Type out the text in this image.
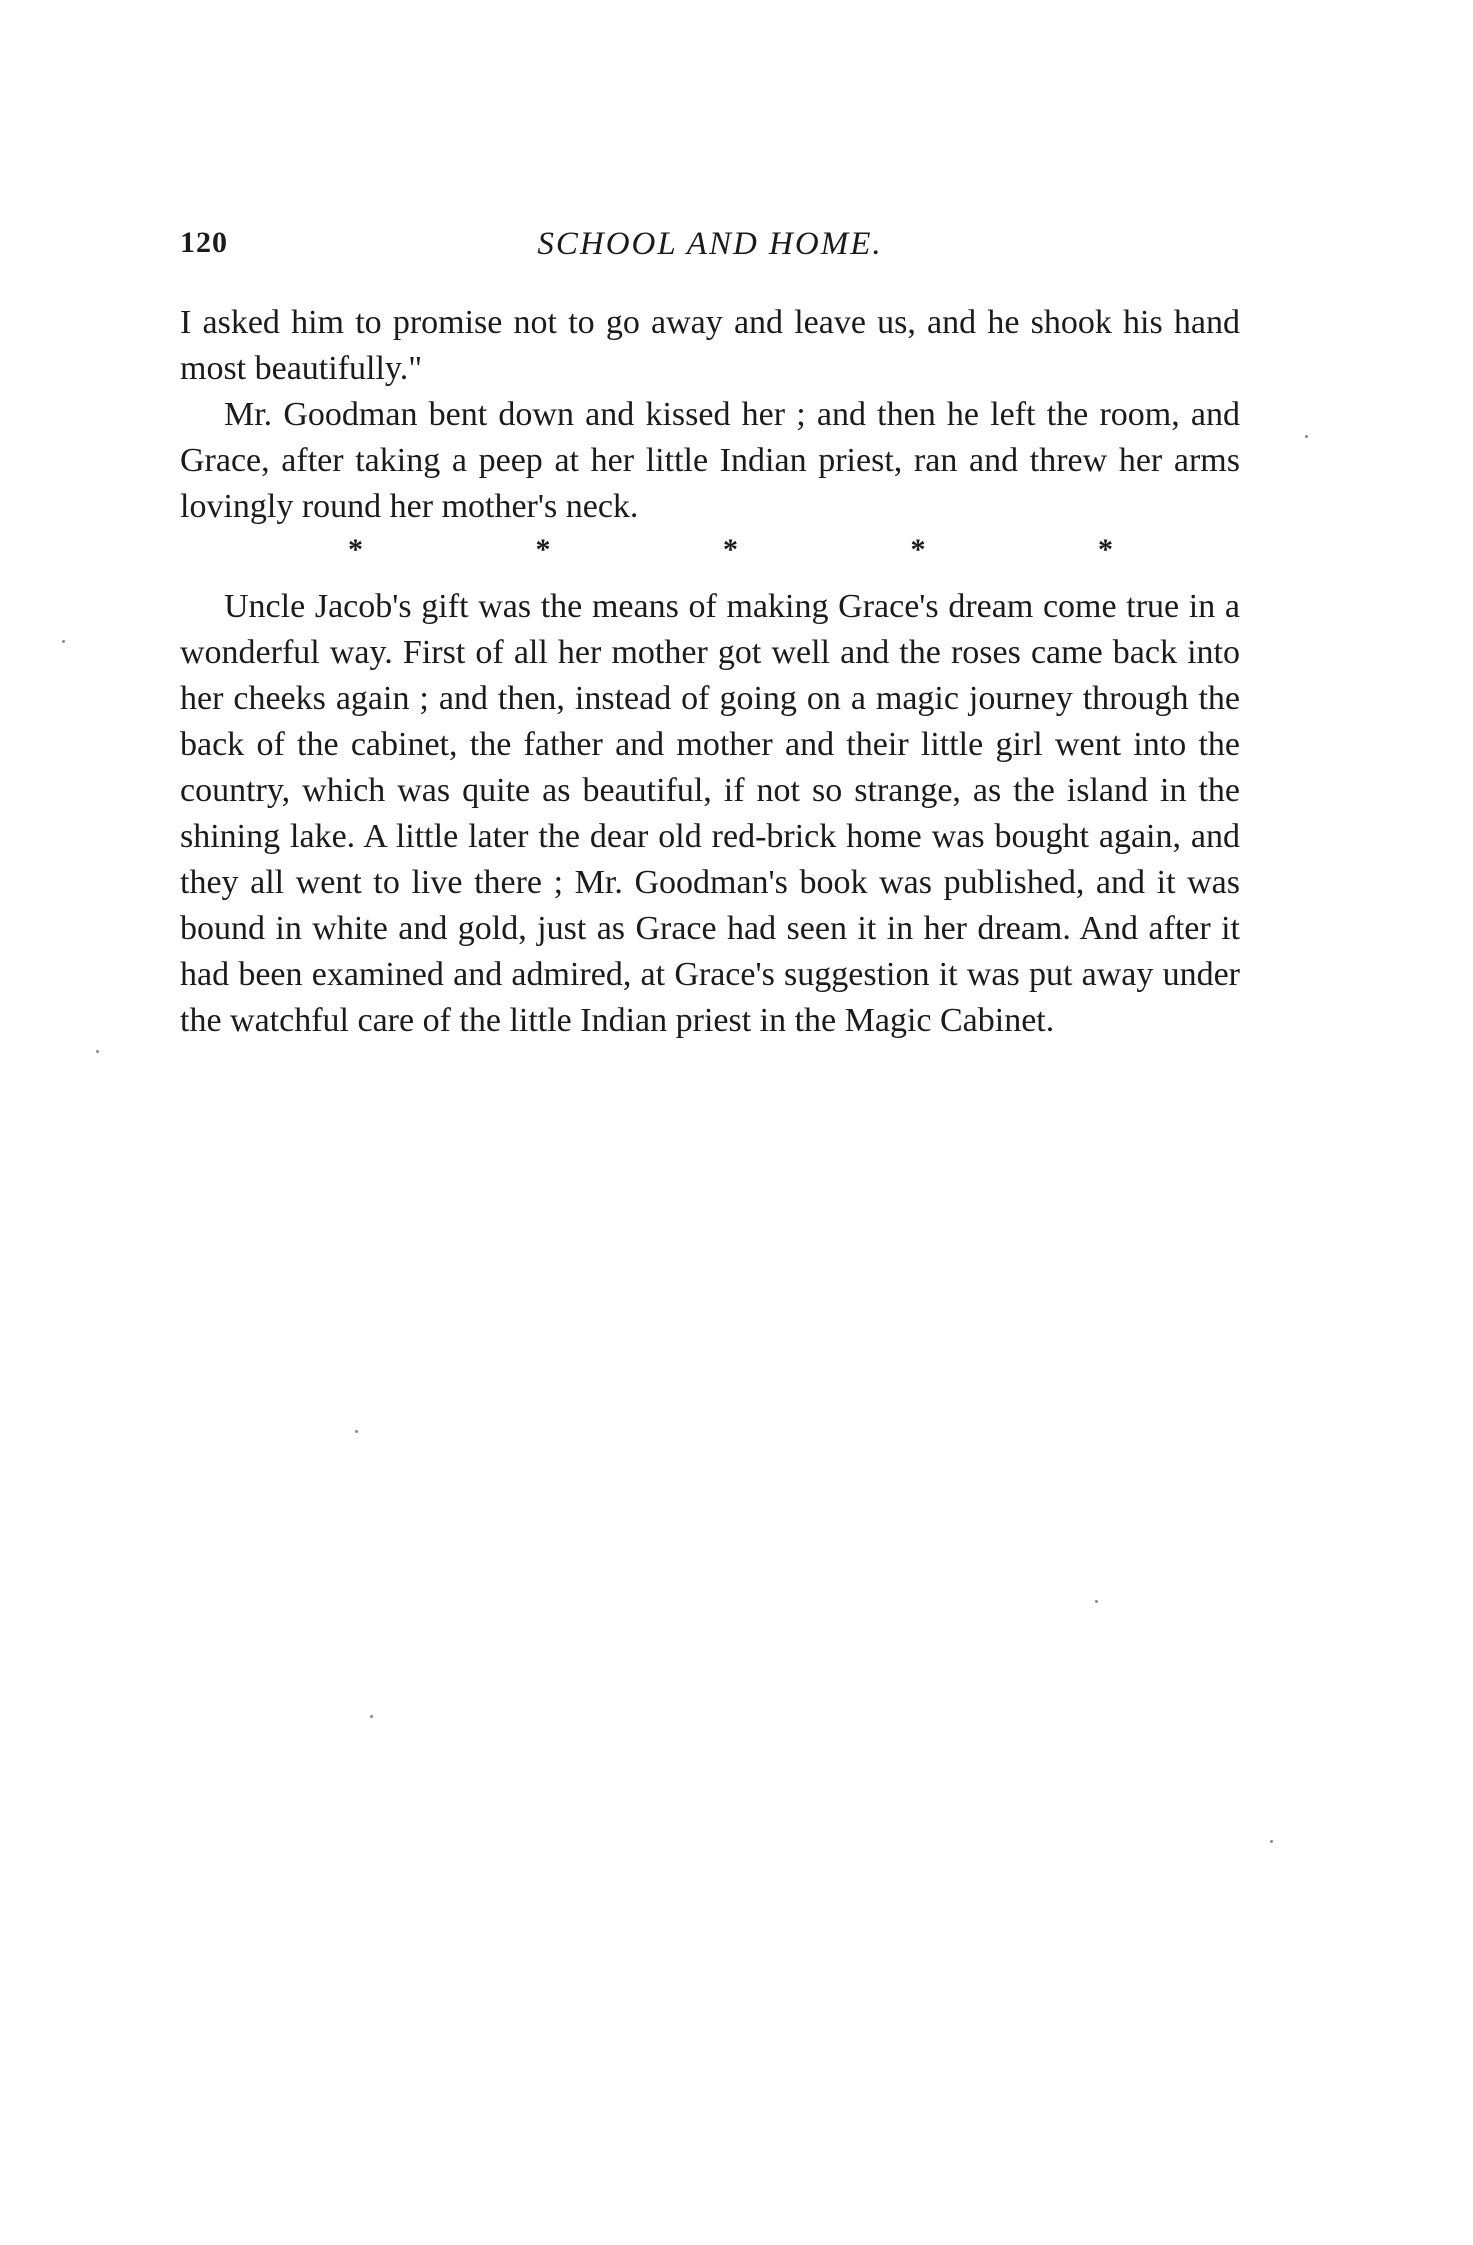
120	SCHOOL AND HOME.

I asked him to promise not to go away and leave us, and he shook his hand most beautifully."

Mr. Goodman bent down and kissed her ; and then he left the room, and Grace, after taking a peep at her little Indian priest, ran and threw her arms lovingly round her mother's neck.

*	*	*	*	*

Uncle Jacob's gift was the means of making Grace's dream come true in a wonderful way. First of all her mother got well and the roses came back into her cheeks again ; and then, instead of going on a magic journey through the back of the cabinet, the father and mother and their little girl went into the country, which was quite as beautiful, if not so strange, as the island in the shining lake. A little later the dear old red-brick home was bought again, and they all went to live there ; Mr. Goodman's book was published, and it was bound in white and gold, just as Grace had seen it in her dream. And after it had been examined and admired, at Grace's suggestion it was put away under the watchful care of the little Indian priest in the Magic Cabinet.
